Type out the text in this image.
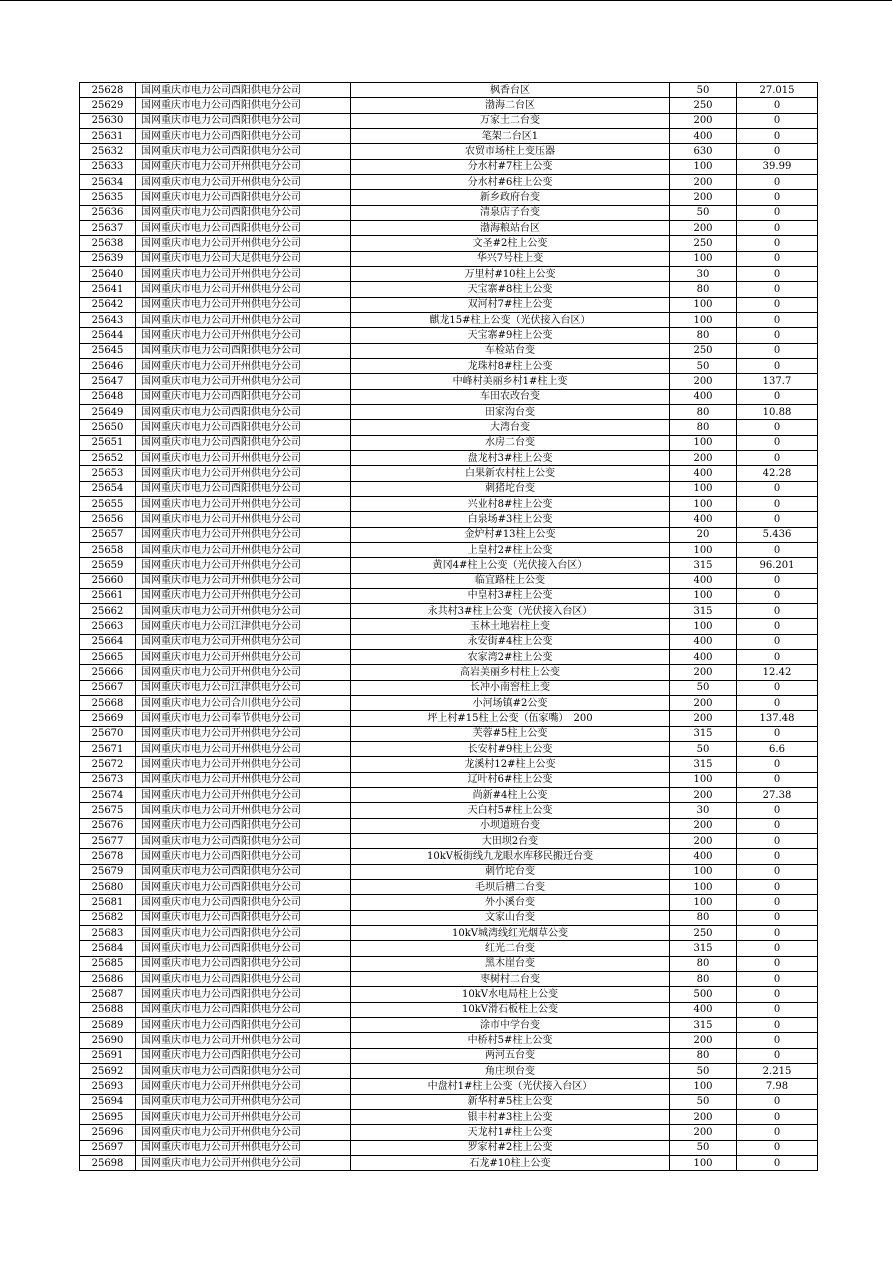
25628	国网重庆市电力公司酉阳供电分公司	枫香台区	50	27.015
25629	国网重庆市电力公司酉阳供电分公司	渤海二台区	250	0
25630	国网重庆市电力公司酉阳供电分公司	万家土二台变	200	0
25631	国网重庆市电力公司酉阳供电分公司	笔架二台区1	400	0
25632	国网重庆市电力公司酉阳供电分公司	农贸市场柱上变压器	630	0
25633	国网重庆市电力公司开州供电分公司	分水村#7柱上公变	100	39.99
25634	国网重庆市电力公司开州供电分公司	分水村#6柱上公变	200	0
25635	国网重庆市电力公司酉阳供电分公司	新乡政府台变	200	0
25636	国网重庆市电力公司酉阳供电分公司	清泉店子台变	50	0
25637	国网重庆市电力公司酉阳供电分公司	渤海粮站台区	200	0
25638	国网重庆市电力公司开州供电分公司	文圣#2柱上公变	250	0
25639	国网重庆市电力公司大足供电分公司	华兴7号柱上变	100	0
25640	国网重庆市电力公司开州供电分公司	万里村#10柱上公变	30	0
25641	国网重庆市电力公司开州供电分公司	天宝寨#8柱上公变	80	0
25642	国网重庆市电力公司开州供电分公司	双河村7#柱上公变	100	0
25643	国网重庆市电力公司开州供电分公司	麒龙15#柱上公变（光伏接入台区）	100	0
25644	国网重庆市电力公司开州供电分公司	天宝寨#9柱上公变	80	0
25645	国网重庆市电力公司酉阳供电分公司	车检站台变	250	0
25646	国网重庆市电力公司开州供电分公司	龙珠村8#柱上公变	50	0
25647	国网重庆市电力公司开州供电分公司	中峰村美丽乡村1#柱上变	200	137.7
25648	国网重庆市电力公司酉阳供电分公司	车田农改台变	400	0
25649	国网重庆市电力公司酉阳供电分公司	田家沟台变	80	10.88
25650	国网重庆市电力公司酉阳供电分公司	大湾台变	80	0
25651	国网重庆市电力公司酉阳供电分公司	水房二台变	100	0
25652	国网重庆市电力公司开州供电分公司	盘龙村3#柱上公变	200	0
25653	国网重庆市电力公司开州供电分公司	白果新农村柱上公变	400	42.28
25654	国网重庆市电力公司酉阳供电分公司	刺猪坨台变	100	0
25655	国网重庆市电力公司开州供电分公司	兴业村8#柱上公变	100	0
25656	国网重庆市电力公司开州供电分公司	白泉场#3柱上公变	400	0
25657	国网重庆市电力公司开州供电分公司	金炉村#13柱上公变	20	5.436
25658	国网重庆市电力公司开州供电分公司	上皇村2#柱上公变	100	0
25659	国网重庆市电力公司开州供电分公司	黄冈4#柱上公变（光伏接入台区）	315	96.201
25660	国网重庆市电力公司开州供电分公司	临宜路柱上公变	400	0
25661	国网重庆市电力公司开州供电分公司	中皇村3#柱上公变	100	0
25662	国网重庆市电力公司开州供电分公司	永共村3#柱上公变（光伏接入台区）	315	0
25663	国网重庆市电力公司江津供电分公司	玉林土地岩柱上变	100	0
25664	国网重庆市电力公司开州供电分公司	永安街#4柱上公变	400	0
25665	国网重庆市电力公司开州供电分公司	农家湾2#柱上公变	400	0
25666	国网重庆市电力公司开州供电分公司	高岩美丽乡村柱上公变	200	12.42
25667	国网重庆市电力公司江津供电分公司	长冲小南窖柱上变	50	0
25668	国网重庆市电力公司合川供电分公司	小河场镇#2公变	200	0
25669	国网重庆市电力公司奉节供电分公司	坪上村#15柱上公变（伍家嘴）　200	200	137.48
25670	国网重庆市电力公司开州供电分公司	芙蓉#5柱上公变	315	0
25671	国网重庆市电力公司开州供电分公司	长安村#9柱上公变	50	6.6
25672	国网重庆市电力公司开州供电分公司	龙溪村12#柱上公变	315	0
25673	国网重庆市电力公司开州供电分公司	辽叶村6#柱上公变	100	0
25674	国网重庆市电力公司开州供电分公司	尚新#4柱上公变	200	27.38
25675	国网重庆市电力公司开州供电分公司	天白村5#柱上公变	30	0
25676	国网重庆市电力公司酉阳供电分公司	小坝道班台变	200	0
25677	国网重庆市电力公司酉阳供电分公司	大田坝2台变	200	0
25678	国网重庆市电力公司酉阳供电分公司	10kV板街线九龙眼水库移民搬迁台变	400	0
25679	国网重庆市电力公司酉阳供电分公司	刺竹坨台变	100	0
25680	国网重庆市电力公司酉阳供电分公司	毛坝后槽二台变	100	0
25681	国网重庆市电力公司酉阳供电分公司	外小溪台变	100	0
25682	国网重庆市电力公司酉阳供电分公司	文家山台变	80	0
25683	国网重庆市电力公司酉阳供电分公司	10kV城湾线红光烟草公变	250	0
25684	国网重庆市电力公司酉阳供电分公司	红光二台变	315	0
25685	国网重庆市电力公司酉阳供电分公司	黑木崖台变	80	0
25686	国网重庆市电力公司酉阳供电分公司	枣树村二台变	80	0
25687	国网重庆市电力公司酉阳供电分公司	10kV水电局柱上公变	500	0
25688	国网重庆市电力公司酉阳供电分公司	10kV滑石板柱上公变	400	0
25689	国网重庆市电力公司酉阳供电分公司	涂市中学台变	315	0
25690	国网重庆市电力公司开州供电分公司	中桥村5#柱上公变	200	0
25691	国网重庆市电力公司酉阳供电分公司	两河五台变	80	0
25692	国网重庆市电力公司酉阳供电分公司	角庄坝台变	50	2.215
25693	国网重庆市电力公司开州供电分公司	中盘村1#柱上公变（光伏接入台区）	100	7.98
25694	国网重庆市电力公司开州供电分公司	新华村#5柱上公变	50	0
25695	国网重庆市电力公司开州供电分公司	银丰村#3柱上公变	200	0
25696	国网重庆市电力公司开州供电分公司	天龙村1#柱上公变	200	0
25697	国网重庆市电力公司开州供电分公司	罗家村#2柱上公变	50	0
25698	国网重庆市电力公司开州供电分公司	石龙#10柱上公变	100	0
